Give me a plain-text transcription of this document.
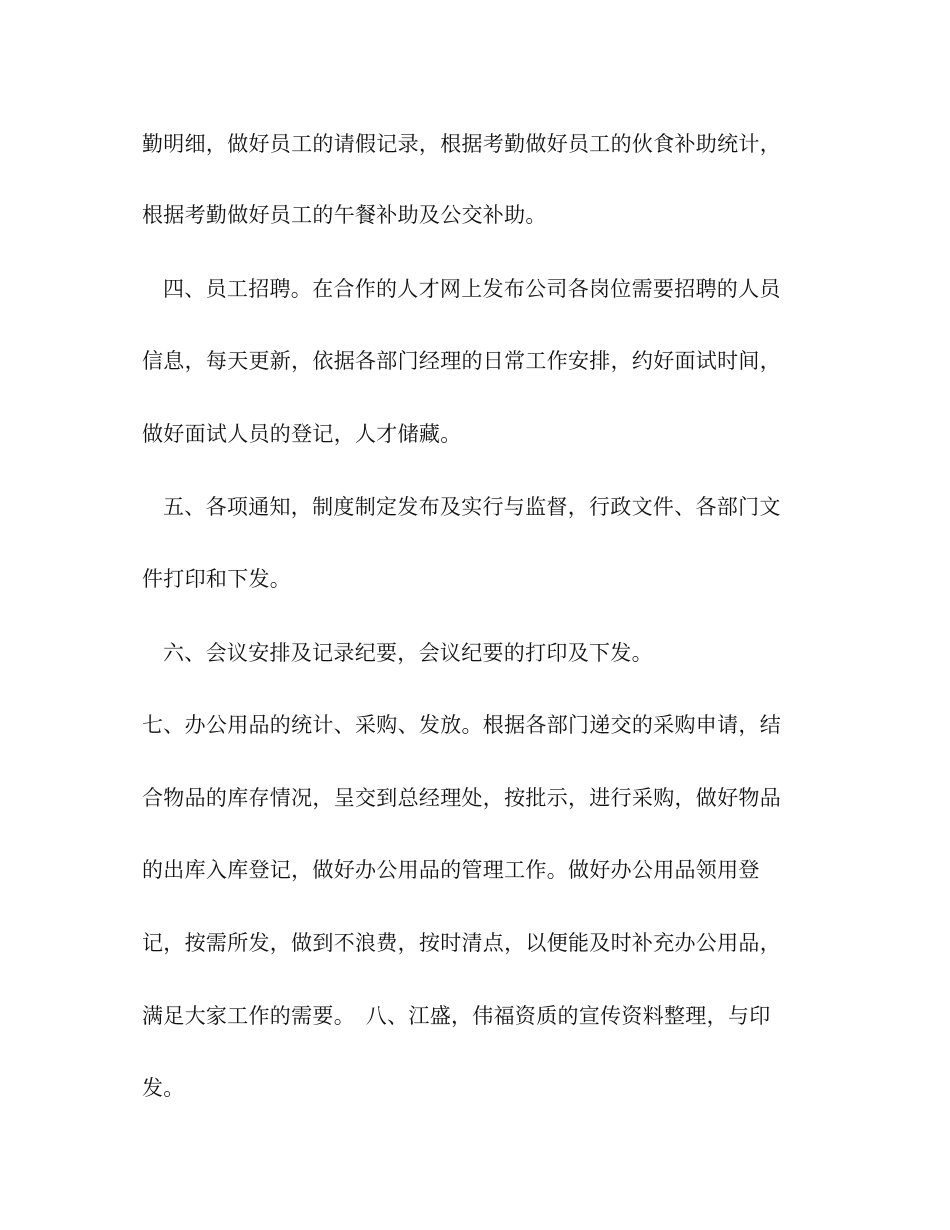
勤明细，做好员工的请假记录，根据考勤做好员工的伙食补助统计，
根据考勤做好员工的午餐补助及公交补助。
四、员工招聘。在合作的人才网上发布公司各岗位需要招聘的人员
信息，每天更新，依据各部门经理的日常工作安排，约好面试时间，
做好面试人员的登记，人才储藏。
五、各项通知，制度制定发布及实行与监督，行政文件、各部门文
件打印和下发。
六、会议安排及记录纪要，会议纪要的打印及下发。
七、办公用品的统计、采购、发放。根据各部门递交的采购申请，结
合物品的库存情况，呈交到总经理处，按批示，进行采购，做好物品
的出库入库登记，做好办公用品的管理工作。做好办公用品领用登
记，按需所发，做到不浪费，按时清点，以便能及时补充办公用品，
满足大家工作的需要。　八、江盛，伟福资质的宣传资料整理，与印
发。
